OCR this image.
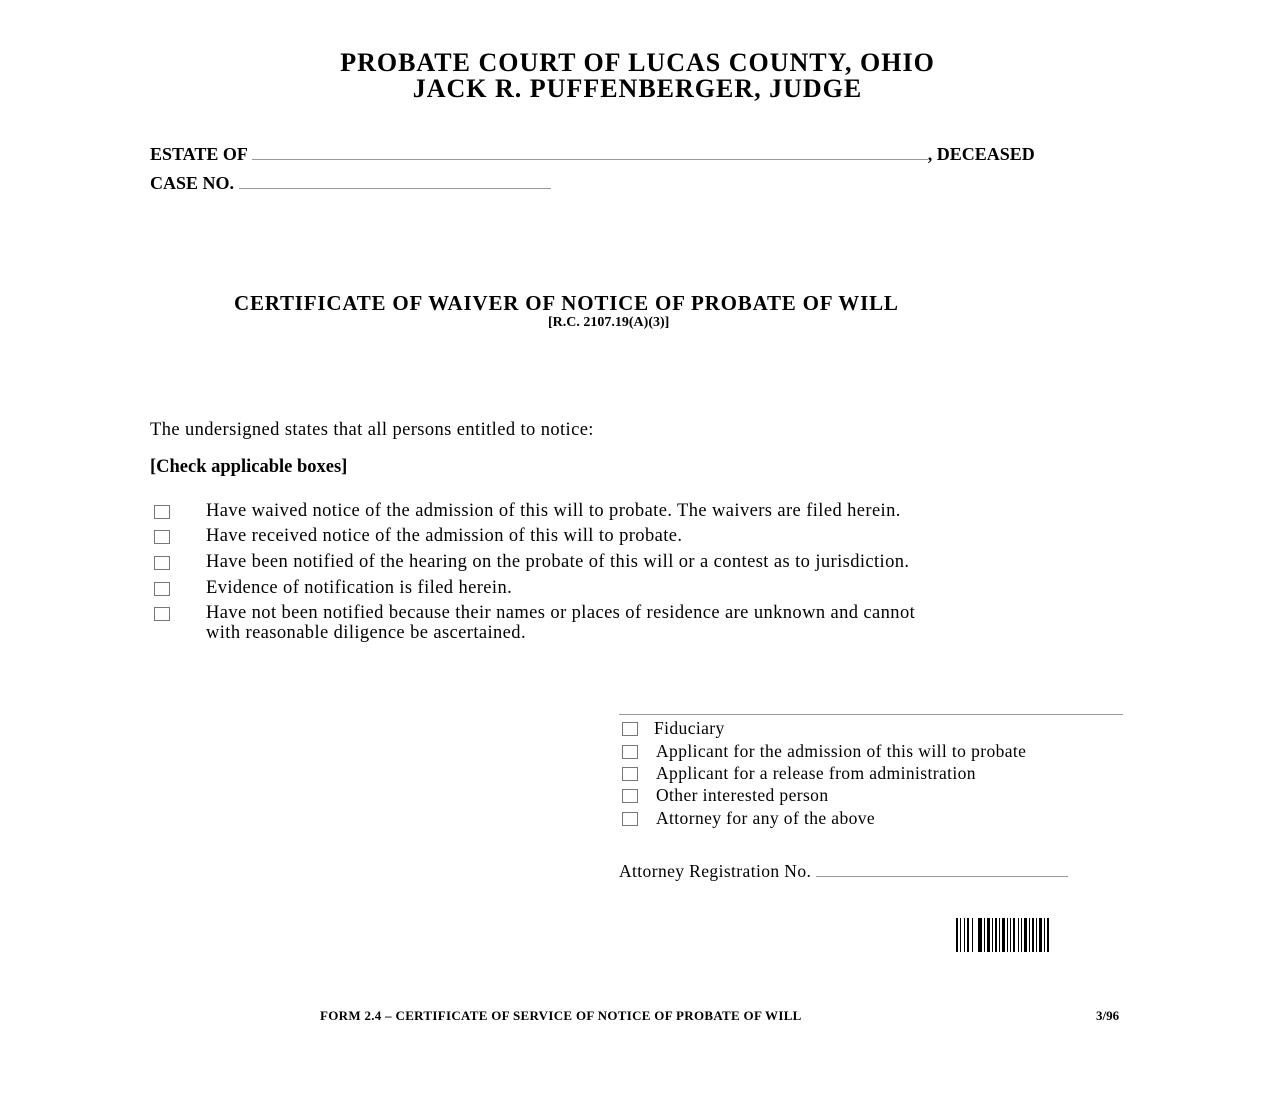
PROBATE COURT OF LUCAS COUNTY, OHIO
JACK R. PUFFENBERGER, JUDGE
ESTATE OF	, DECEASED
CASE NO.
CERTIFICATE OF WAIVER OF NOTICE OF PROBATE OF WILL
[R.C. 2107.19(A)(3)]
The undersigned states that all persons entitled to notice:
[Check applicable boxes]
Have waived notice of the admission of this will to probate. The waivers are filed herein.
Have received notice of the admission of this will to probate.
Have been notified of the hearing on the probate of this will or a contest as to jurisdiction.
Evidence of notification is filed herein.
Have not been notified because their names or places of residence are unknown and cannot
with reasonable diligence be ascertained.
Fiduciary
Applicant for the admission of this will to probate
Applicant for a release from administration
Other interested person
Attorney for any of the above
Attorney Registration No.
FORM 2.4 – CERTIFICATE OF SERVICE OF NOTICE OF PROBATE OF WILL	3/96
